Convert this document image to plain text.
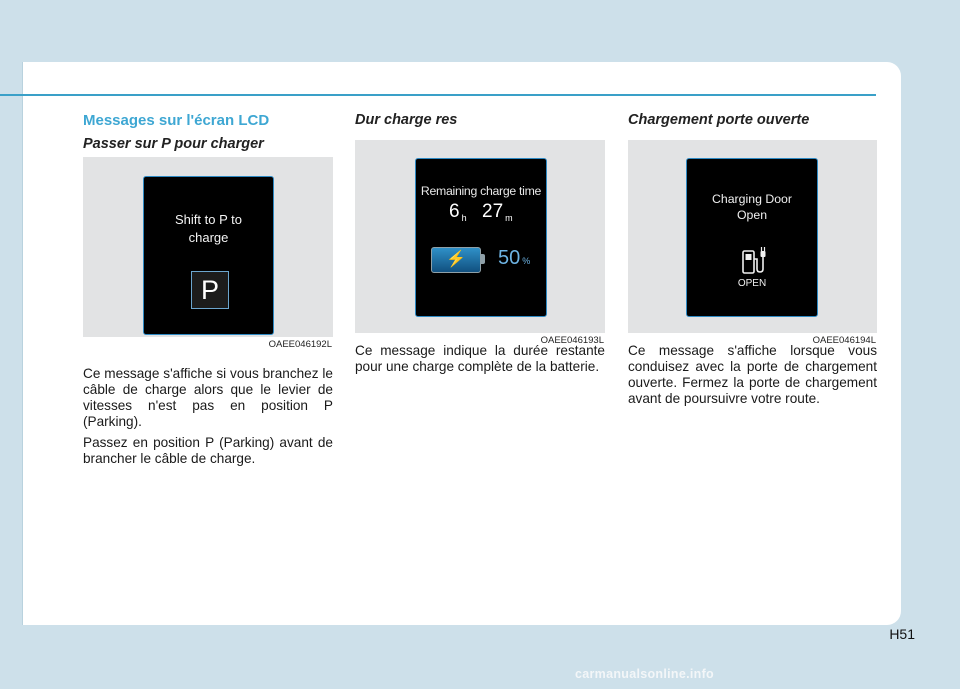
Messages sur l'écran LCD
Passer sur P pour charger
Shift to P to
charge
P
OAEE046192L

Ce message s'affiche si vous branchez le câble de charge alors que le levier de vitesses n'est pas en position P (Parking).

Passez en position P (Parking) avant de brancher le câble de charge.

Dur charge res
Remaining charge time
6 h 27 m
⚡ 50 %
OAEE046193L

Ce message indique la durée restante pour une charge complète de la batterie.

Chargement porte ouverte
Charging Door
Open
OPEN
OAEE046194L

Ce message s'affiche lorsque vous conduisez avec la porte de chargement ouverte. Fermez la porte de chargement avant de poursuivre votre route.

H51
carmanualsonline.info
